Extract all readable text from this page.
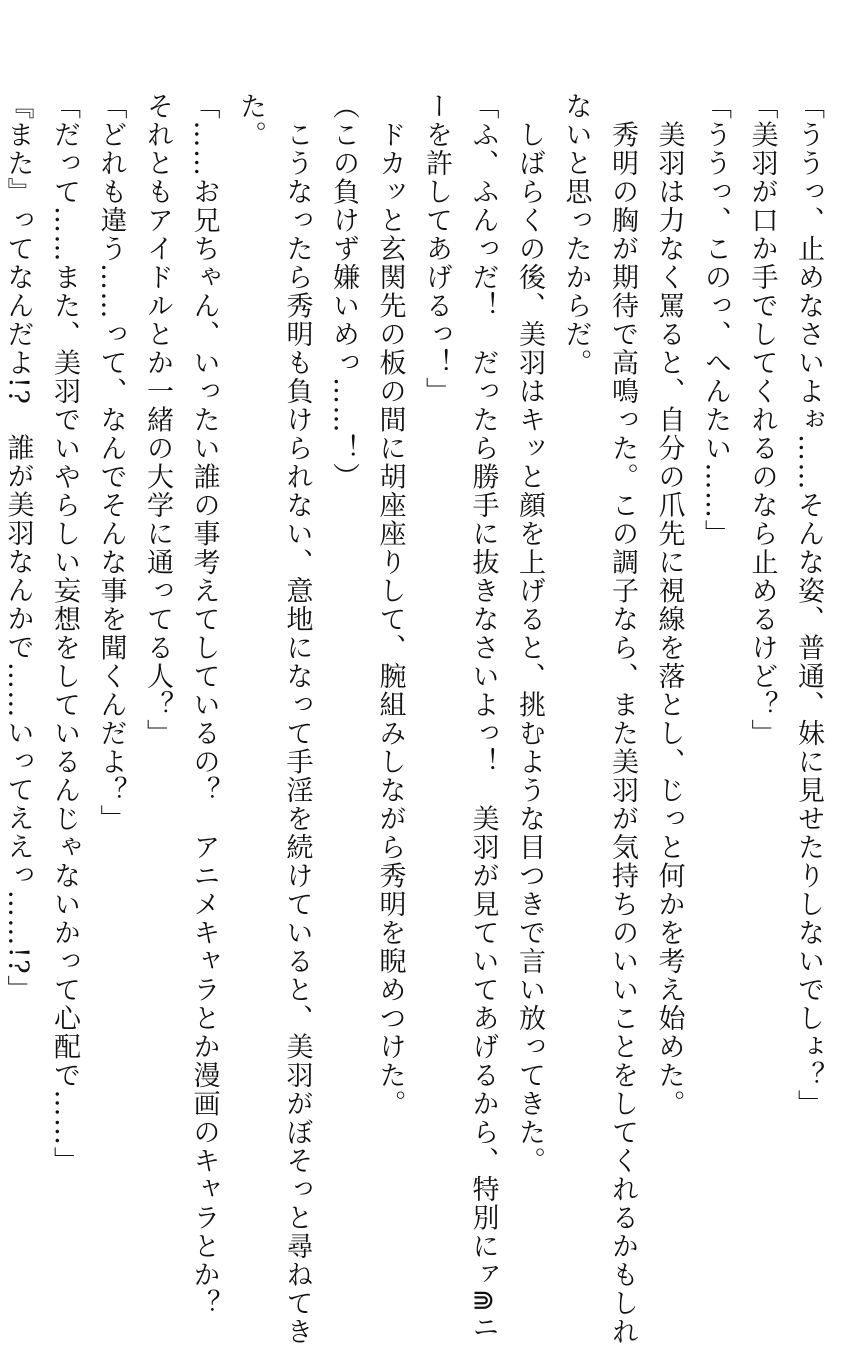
「ううっ、止めなさいよぉ……そんな姿、普通、妹に見せたりしないでしょ？」
「美羽が口か手でしてくれるのなら止めるけど？」
「ううっ、このっ、へんたい……」
　美羽は力なく罵ると、自分の爪先に視線を落とし、じっと何かを考え始めた。
　秀明の胸が期待で高鳴った。この調子なら、また美羽が気持ちのいいことをしてくれるかもしれ
ないと思ったからだ。
　しばらくの後、美羽はキッと顔を上げると、挑むような目つきで言い放ってきた。
「ふ、ふんっだ！　だったら勝手に抜きなさいよっ！　美羽が見ていてあげるから、特別にァ⋒ニ
ーを許してあげるっ！」
　ドカッと玄関先の板の間に胡座座りして、腕組みしながら秀明を睨めつけた。
（この負けず嫌いめっ……！）
　こうなったら秀明も負けられない、意地になって手淫を続けていると、美羽がぼそっと尋ねてき
た。
「……お兄ちゃん、いったい誰の事考えてしているの？　アニメキャラとか漫画のキャラとか？
それともアイドルとか一緒の大学に通ってる人？」
「どれも違う……って、なんでそんな事を聞くんだよ？」
「だって……また、美羽でいやらしい妄想をしているんじゃないかって心配で……」
『また』ってなんだよ!?　誰が美羽なんかで……いってええっ……!?」
